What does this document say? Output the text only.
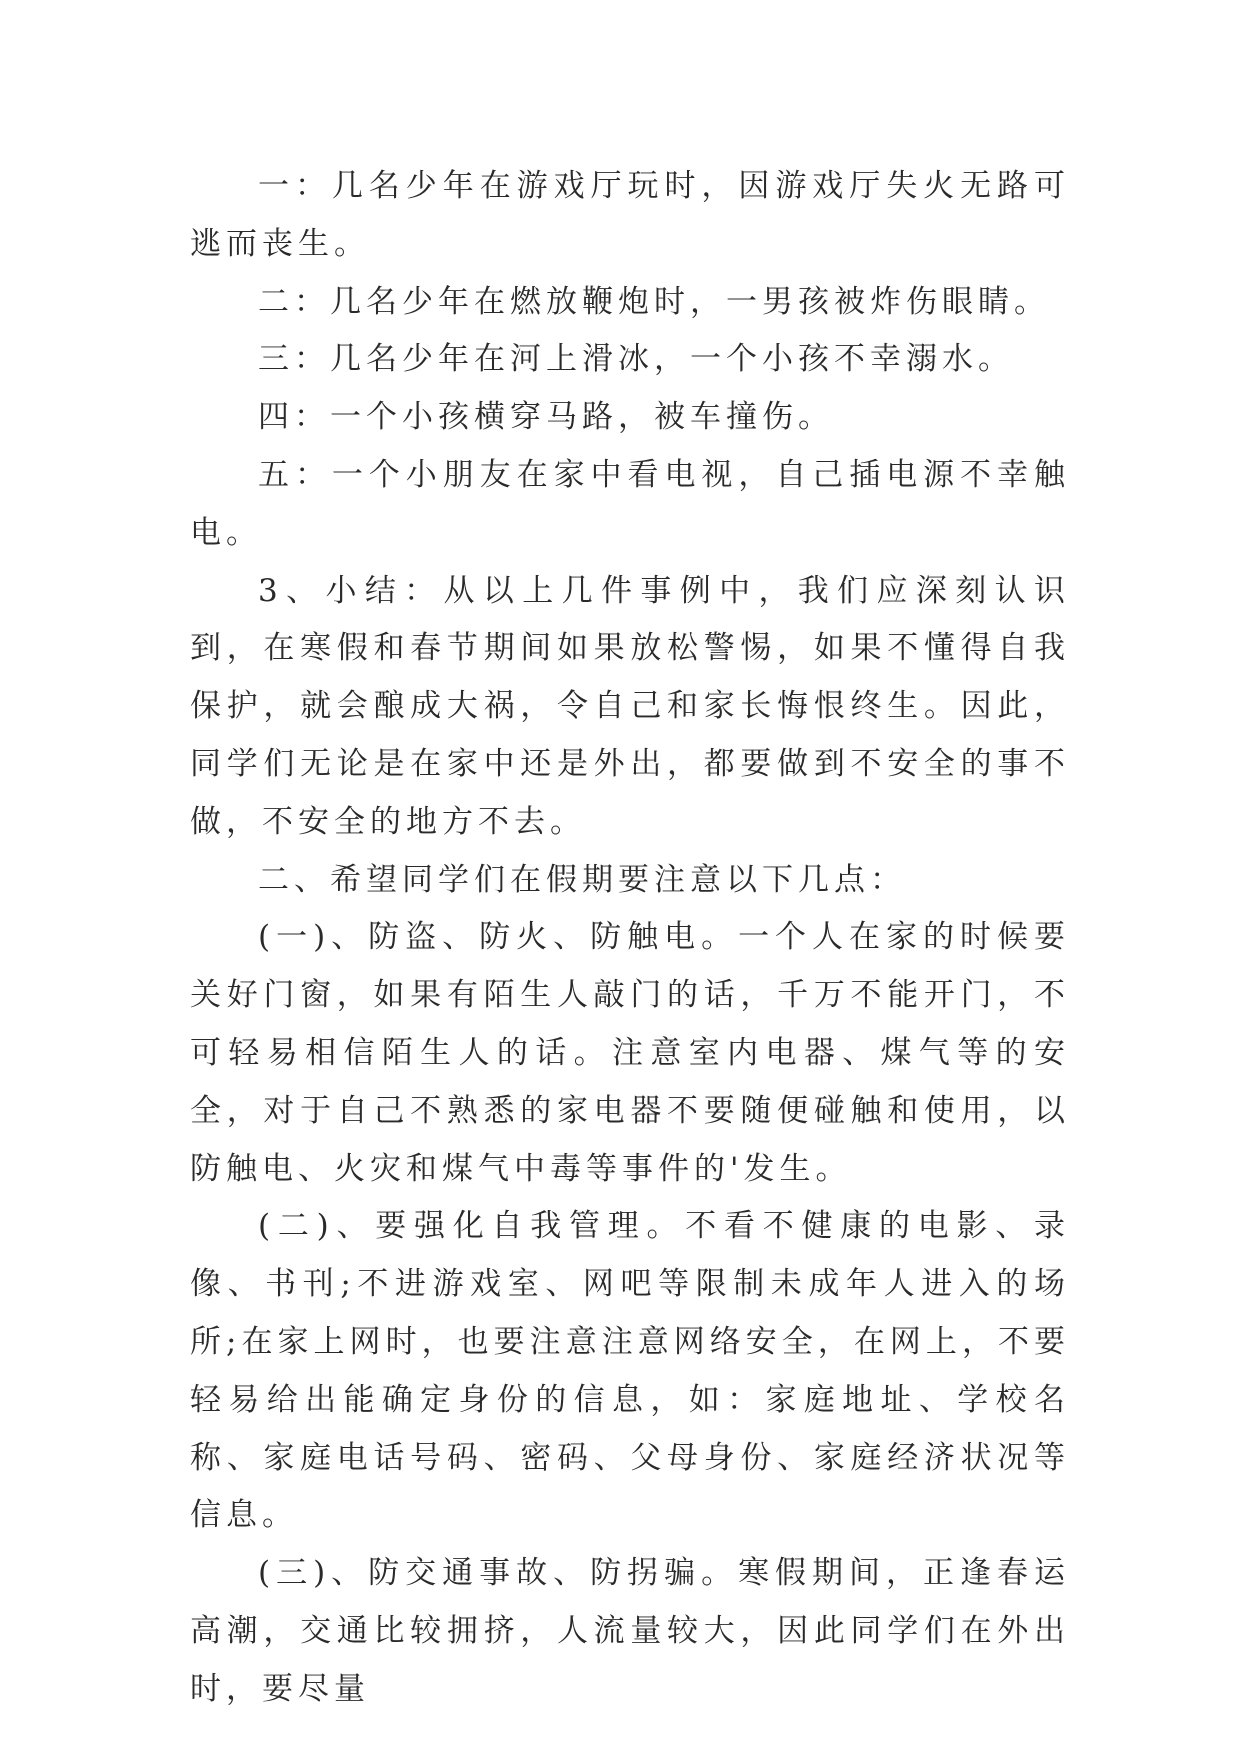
一：几名少年在游戏厅玩时，因游戏厅失火无路可逃而丧生。

二：几名少年在燃放鞭炮时，一男孩被炸伤眼睛。

三：几名少年在河上滑冰，一个小孩不幸溺水。

四：一个小孩横穿马路，被车撞伤。

五：一个小朋友在家中看电视，自己插电源不幸触电。

3、小结：从以上几件事例中，我们应深刻认识到，在寒假和春节期间如果放松警惕，如果不懂得自我保护，就会酿成大祸，令自己和家长悔恨终生。因此，同学们无论是在家中还是外出，都要做到不安全的事不做，不安全的地方不去。

二、希望同学们在假期要注意以下几点：

(一)、防盗、防火、防触电。一个人在家的时候要关好门窗，如果有陌生人敲门的话，千万不能开门，不可轻易相信陌生人的话。注意室内电器、煤气等的安全，对于自己不熟悉的家电器不要随便碰触和使用，以防触电、火灾和煤气中毒等事件的'发生。

(二)、要强化自我管理。不看不健康的电影、录像、书刊;不进游戏室、网吧等限制未成年人进入的场所;在家上网时，也要注意注意网络安全，在网上，不要轻易给出能确定身份的信息，如：家庭地址、学校名称、家庭电话号码、密码、父母身份、家庭经济状况等信息。

(三)、防交通事故、防拐骗。寒假期间，正逢春运高潮，交通比较拥挤，人流量较大，因此同学们在外出时，要尽量
